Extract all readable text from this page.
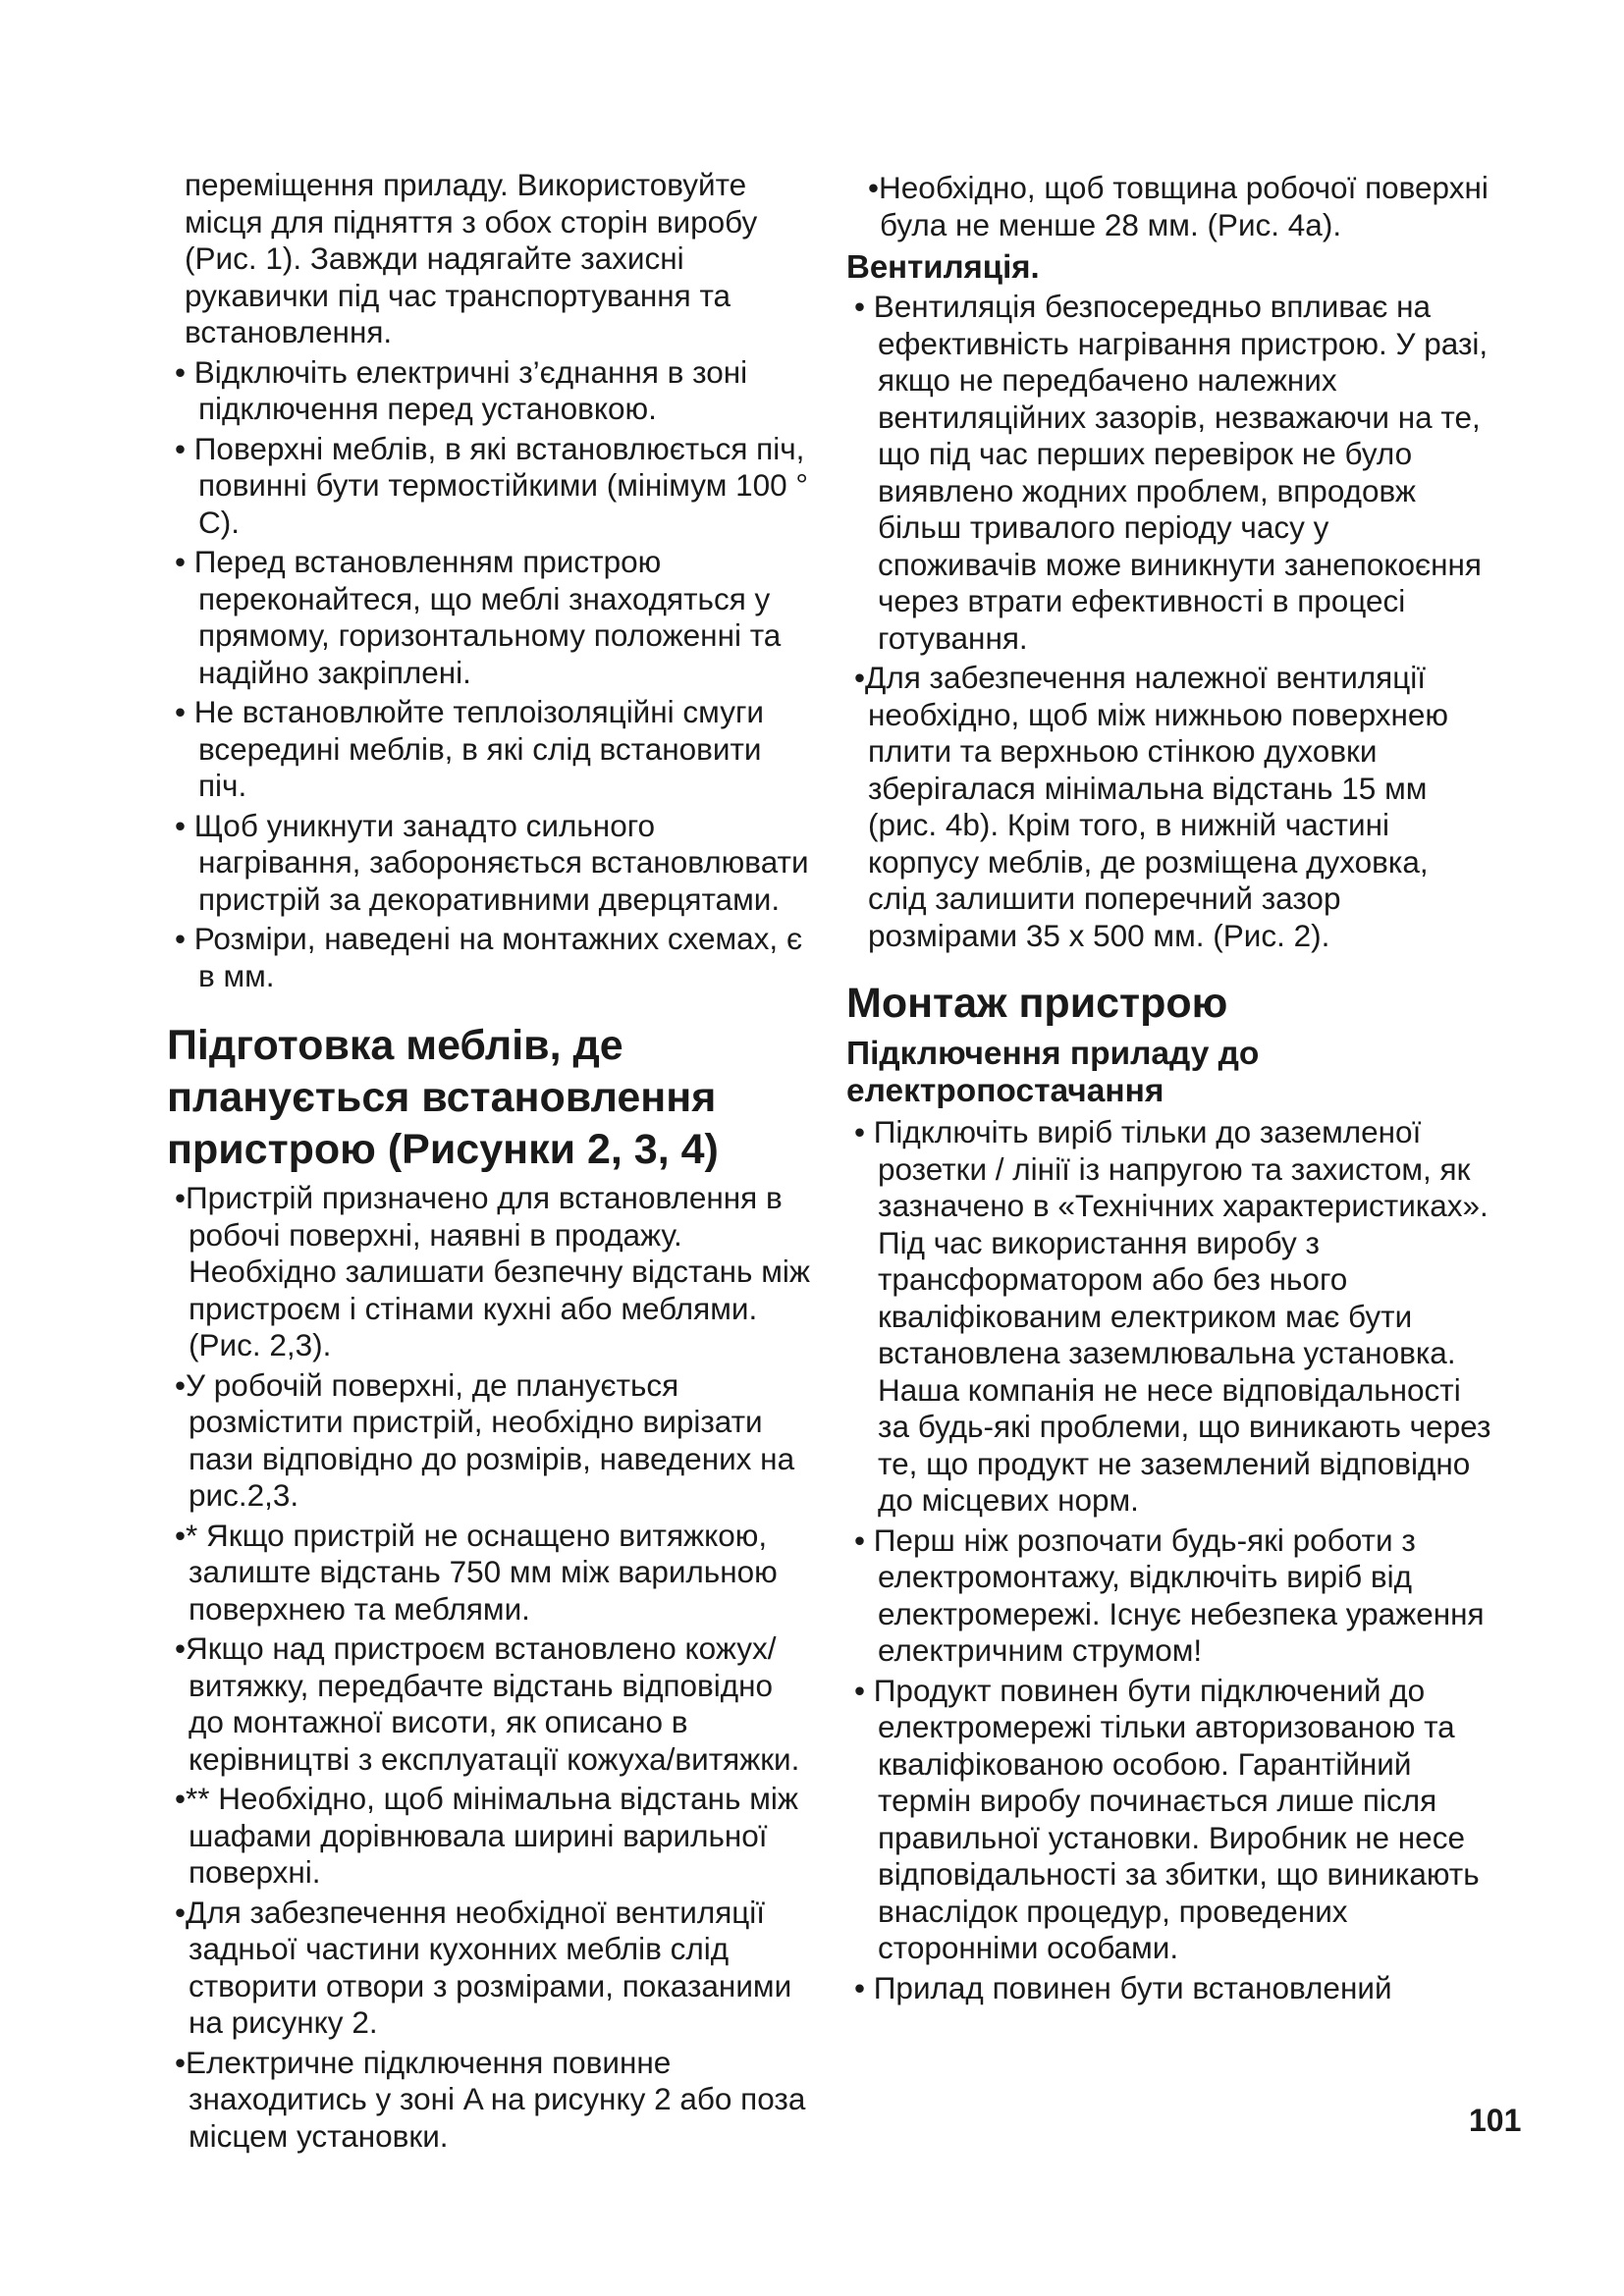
переміщення приладу. Використовуйте місця для підняття з обох сторін виробу (Рис. 1). Завжди надягайте захисні рукавички під час транспортування та встановлення.

• Відключіть електричні з’єднання в зоні підключення перед установкою.

• Поверхні меблів, в які встановлюється піч, повинні бути термостійкими (мінімум 100 ° C).

• Перед встановленням пристрою переконайтеся, що меблі знаходяться у прямому, горизонтальному положенні та надійно закріплені.

• Не встановлюйте теплоізоляційні смуги всередині меблів, в які слід встановити піч.

• Щоб уникнути занадто сильного нагрівання, забороняється встановлювати пристрій за декоративними дверцятами.

• Розміри, наведені на монтажних схемах, є в мм.

Підготовка меблів, де
планується встановлення
пристрою (Рисунки 2, 3, 4)

•Пристрій призначено для встановлення в робочі поверхні, наявні в продажу. Необхідно залишати безпечну відстань між пристроєм і стінами кухні або меблями. (Рис. 2,3).

•У робочій поверхні, де планується розмістити пристрій, необхідно вирізати пази відповідно до розмірів, наведених на рис.2,3.

•* Якщо пристрій не оснащено витяжкою, залиште відстань 750 мм між варильною поверхнею та меблями.

•Якщо над пристроєм встановлено кожух/витяжку, передбачте відстань відповідно до монтажної висоти, як описано в керівництві з експлуатації кожуха/витяжки.

•** Необхідно, щоб мінімальна відстань між шафами дорівнювала ширині варильної поверхні.

•Для забезпечення необхідної вентиляції задньої частини кухонних меблів слід створити отвори з розмірами, показаними на рисунку 2.

•Електричне підключення повинне знаходитись у зоні A на рисунку 2 або поза місцем установки.

•Необхідно, щоб товщина робочої поверхні була не менше 28 мм. (Рис. 4a).

Вентиляція.

• Вентиляція безпосередньо впливає на ефективність нагрівання пристрою. У разі, якщо не передбачено належних вентиляційних зазорів, незважаючи на те, що під час перших перевірок не було виявлено жодних проблем, впродовж більш тривалого періоду часу у споживачів може виникнути занепокоєння через втрати ефективності в процесі готування.

•Для забезпечення належної вентиляції необхідно, щоб між нижньою поверхнею плити та верхньою стінкою духовки зберігалася мінімальна відстань 15 мм (рис. 4b). Крім того, в нижній частині корпусу меблів, де розміщена духовка, слід залишити поперечний зазор розмірами 35 x 500 мм. (Рис. 2).

Монтаж пристрою
Підключення приладу до
електропостачання

• Підключіть виріб тільки до заземленої розетки / лінії із напругою та захистом, як зазначено в «Технічних характеристиках». Під час використання виробу з трансформатором або без нього кваліфікованим електриком має бути встановлена заземлювальна установка. Наша компанія не несе відповідальності за будь-які проблеми, що виникають через те, що продукт не заземлений відповідно до місцевих норм.

• Перш ніж розпочати будь-які роботи з електромонтажу, відключіть виріб від електромережі. Існує небезпека ураження електричним струмом!

• Продукт повинен бути підключений до електромережі тільки авторизованою та кваліфікованою особою. Гарантійний термін виробу починається лише після правильної установки. Виробник не несе відповідальності за збитки, що виникають внаслідок процедур, проведених сторонніми особами.

• Прилад повинен бути встановлений

101
